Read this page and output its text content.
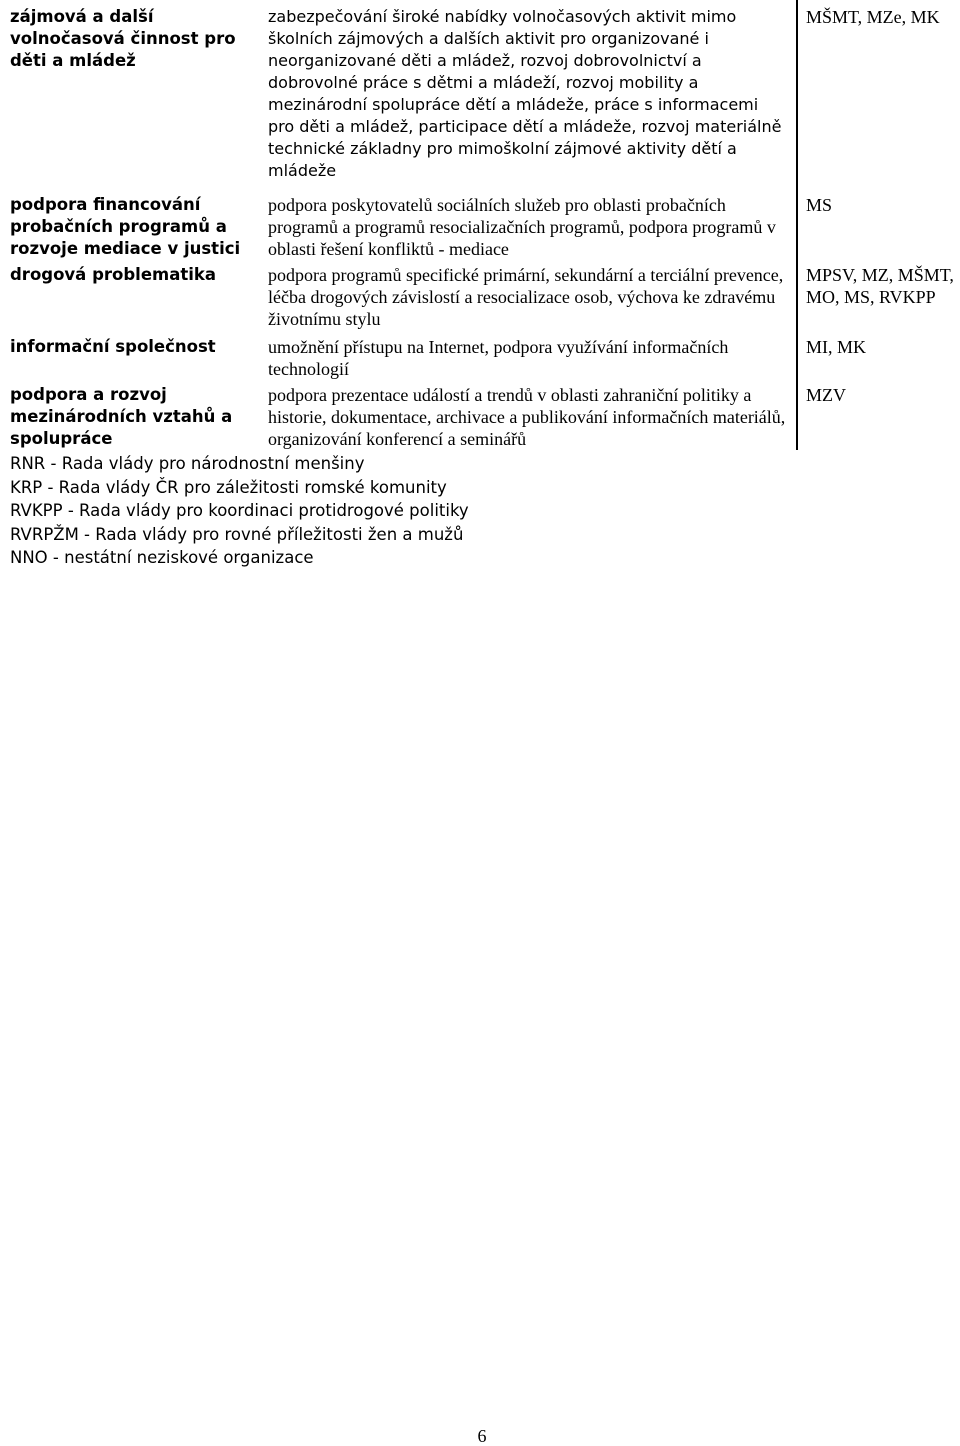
zájmová a další volnočasová činnost pro děti a mládež	zabezpečování široké nabídky volnočasových aktivit mimo školních zájmových a dalších aktivit pro organizované i neorganizované děti a mládež, rozvoj dobrovolnictví a dobrovolné práce s dětmi a mládeží, rozvoj mobility a mezinárodní spolupráce dětí a mládeže, práce s informacemi pro děti a mládež, participace dětí a mládeže, rozvoj materiálně technické základny pro mimoškolní zájmové aktivity dětí a mládeže	MŠMT, MZe, MK
podpora financování probačních programů a rozvoje mediace v justici	podpora poskytovatelů sociálních služeb pro oblasti probačních programů a programů resocializačních programů, podpora programů v oblasti řešení konfliktů - mediace	MS
drogová problematika	podpora programů specifické primární, sekundární a terciální prevence, léčba drogových závislostí a resocializace osob, výchova ke zdravému životnímu stylu	MPSV, MZ, MŠMT, MO, MS, RVKPP
informační společnost	umožnění přístupu na Internet, podpora využívání informačních technologií	MI, MK
podpora a rozvoj mezinárodních vztahů a spolupráce	podpora prezentace událostí a trendů v oblasti zahraniční politiky a historie, dokumentace, archivace a publikování informačních materiálů, organizování konferencí a seminářů	MZV
RNR - Rada vlády pro národnostní menšiny
KRP - Rada vlády ČR pro záležitosti romské komunity
RVKPP - Rada vlády pro koordinaci protidrogové politiky
RVRPŽM - Rada vlády pro rovné příležitosti žen a mužů
NNO - nestátní neziskové organizace
6
